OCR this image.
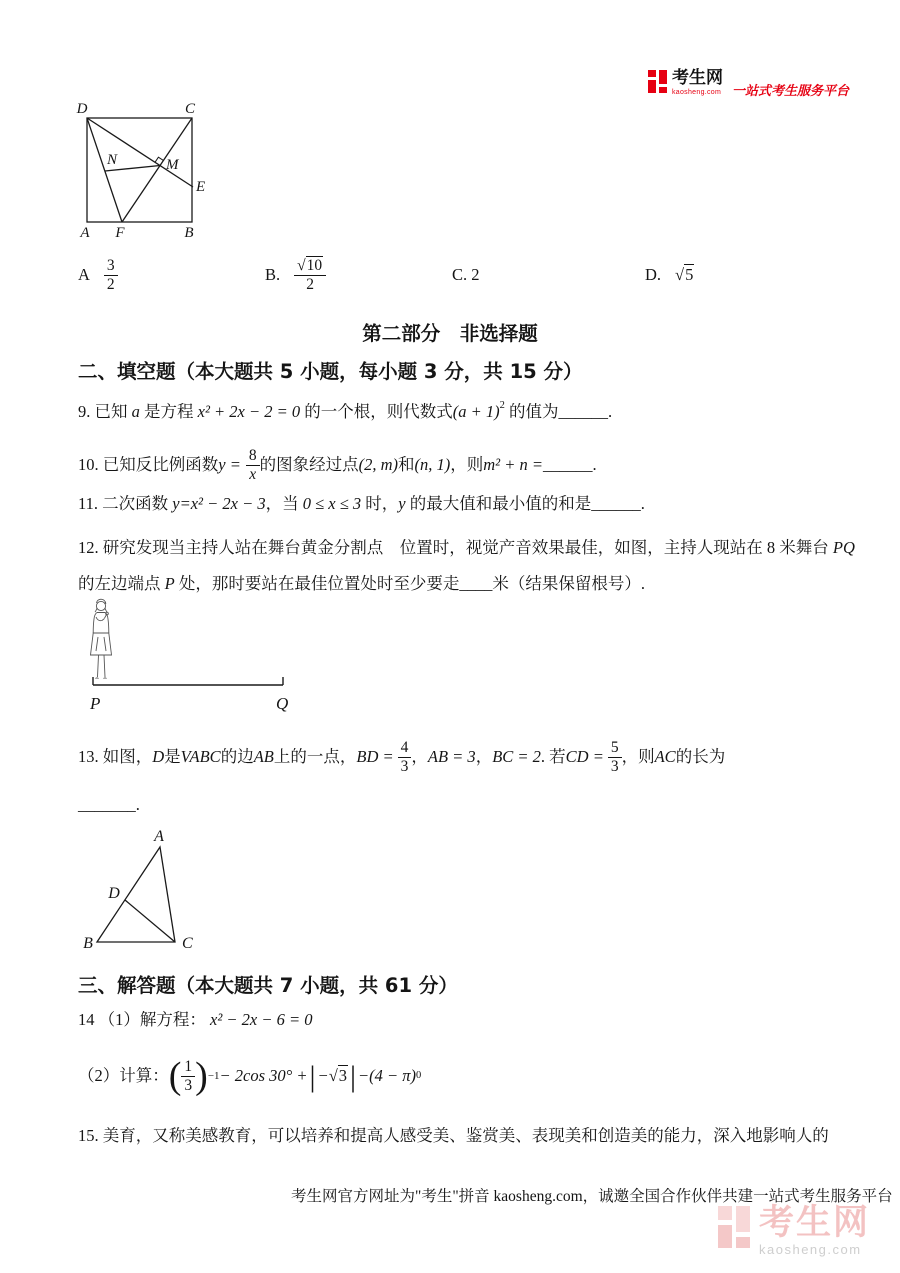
考生网
kaosheng.com 一站式考生服务平台
D	C
N	M
E
A F	B
A $\frac{3}{2}$	B. $\frac{√10}{2}$	C. 2	D. √5
第二部分　非选择题
二、填空题（本大题共 5 小题，每小题 3 分，共 15 分）
9. 已知 a 是方程 x² + 2x − 2 = 0 的一个根，则代数式$(a + 1)^2$ 的值为______.
10. 已知反比例函数 $y = \frac{8}{x}$ 的图象经过点 (2, m) 和 (n, 1) ，则 m² + n = ______.
11. 二次函数 y=x² − 2x − 3，当 0 ≤ x ≤ 3 时，y 的最大值和最小值的和是______.
12. 研究发现当主持人站在舞台黄金分割点　位置时，视觉产音效果最佳，如图，主持人现站在 8 米舞台 PQ
的左边端点 P 处，那时要站在最佳位置处时至少要走____米（结果保留根号）.
P	Q
13. 如图， D 是 VABC 的边 AB 上的一点， BD = $\frac{4}{3}$ ， AB = 3 ， BC = 2 . 若 CD = $\frac{5}{3}$ ，则 AC 的长为
_______.
A
B	C
D
三、解答题（本大题共 7 小题，共 61 分）
14 （1）解方程： x² − 2x − 6 = 0
（2）计算： ( $\frac{1}{3}$ ) −1 − 2cos 30° + | − √3 | − (4 − π) 0
15. 美育，又称美感教育，可以培养和提高人感受美、鉴赏美、表现美和创造美的能力，深入地影响人的
考生网官方网址为"考生"拼音 kaosheng.com，诚邀全国合作伙伴共建一站式考生服务平台
考生网
kaosheng.com
